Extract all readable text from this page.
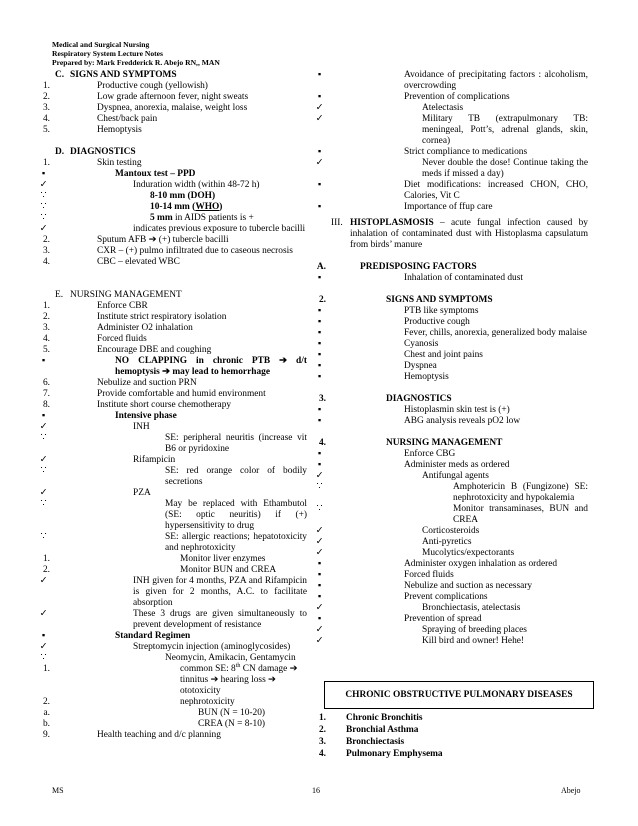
Medical and Surgical Nursing
Respiratory System Lecture Notes
Prepared by: Mark Fredderick R. Abejo RN,, MAN
C. SIGNS AND SYMPTOMS
1.	Productive cough (yellowish)
2.	Low grade afternoon fever, night sweats
3.	Dyspnea, anorexia, malaise, weight loss
4.	Chest/back pain
5.	Hemoptysis
D. DIAGNOSTICS
1.	Skin testing
▪	Mantoux test – PPD
✓	Induration width (within 48-72 h)
∵	8-10 mm (DOH)
∵	10-14 mm (WHO)
∵	5 mm in AIDS patients is +
✓	indicates previous exposure to tubercle bacilli
2.	Sputum AFB ➔ (+) tubercle bacilli
3.	CXR – (+) pulmo infiltrated due to caseous necrosis
4.	CBC – elevated WBC
E. NURSING MANAGEMENT
1.	Enforce CBR
2.	Institute strict respiratory isolation
3.	Administer O2 inhalation
4.	Forced fluids
5.	Encourage DBE and coughing
▪	NO CLAPPING in chronic PTB ➔ d/t hemoptysis ➔ may lead to hemorrhage
6.	Nebulize and suction PRN
7.	Provide comfortable and humid environment
8.	Institute short course chemotherapy
▪	Intensive phase
✓	INH
∵	SE: peripheral neuritis (increase vit B6 or pyridoxine
✓	Rifampicin
∵	SE: red orange color of bodily secretions
✓	PZA
∵	May be replaced with Ethambutol (SE: optic neuritis) if (+) hypersensitivity to drug
∵	SE: allergic reactions; hepatotoxicity and nephrotoxicity
1.	Monitor liver enzymes
2.	Monitor BUN and CREA
✓	INH given for 4 months, PZA and Rifampicin is given for 2 months, A.C. to facilitate absorption
✓	These 3 drugs are given simultaneously to prevent development of resistance
▪	Standard Regimen
✓	Streptomycin injection (aminoglycosides)
∵	Neomycin, Amikacin, Gentamycin
1.	common SE: 8th CN damage ➔
tinnitus ➔ hearing loss ➔
ototoxicity
2.	nephrotoxicity
a.	BUN (N = 10-20)
b.	CREA (N = 8-10)
9.	Health teaching and d/c planning
▪	Avoidance of precipitating factors : alcoholism, overcrowding
▪	Prevention of complications
✓	Atelectasis
✓	Military TB (extrapulmonary TB: meningeal, Pott’s, adrenal glands, skin, cornea)
▪	Strict compliance to medications
✓	Never double the dose! Continue taking the meds if missed a day)
▪	Diet modifications: increased CHON, CHO, Calories, Vit C
▪	Importance of ffup care
III. HISTOPLASMOSIS – acute fungal infection caused by inhalation of contaminated dust with Histoplasma capsulatum from birds’ manure
A.	PREDISPOSING FACTORS
▪	Inhalation of contaminated dust
2.	SIGNS AND SYMPTOMS
▪	PTB like symptoms
▪	Productive cough
▪	Fever, chills, anorexia, generalized body malaise
▪	Cyanosis
▪	Chest and joint pains
▪	Dyspnea
▪	Hemoptysis
3.	DIAGNOSTICS
▪	Histoplasmin skin test is (+)
▪	ABG analysis reveals pO2 low
4.	NURSING MANAGEMENT
▪	Enforce CBG
▪	Administer meds as ordered
✓	Antifungal agents
∵	Amphotericin B (Fungizone) SE: nephrotoxicity and hypokalemia
∵	Monitor transaminases, BUN and CREA
✓	Corticosteroids
✓	Anti-pyretics
✓	Mucolytics/expectorants
▪	Administer oxygen inhalation as ordered
▪	Forced fluids
▪	Nebulize and suction as necessary
▪	Prevent complications
✓	Bronchiectasis, atelectasis
▪	Prevention of spread
✓	Spraying of breeding places
✓	Kill bird and owner! Hehe!
CHRONIC OBSTRUCTIVE PULMONARY DISEASES
1. Chronic Bronchitis
2. Bronchial Asthma
3. Bronchiectasis
4. Pulmonary Emphysema
MS	16	Abejo
